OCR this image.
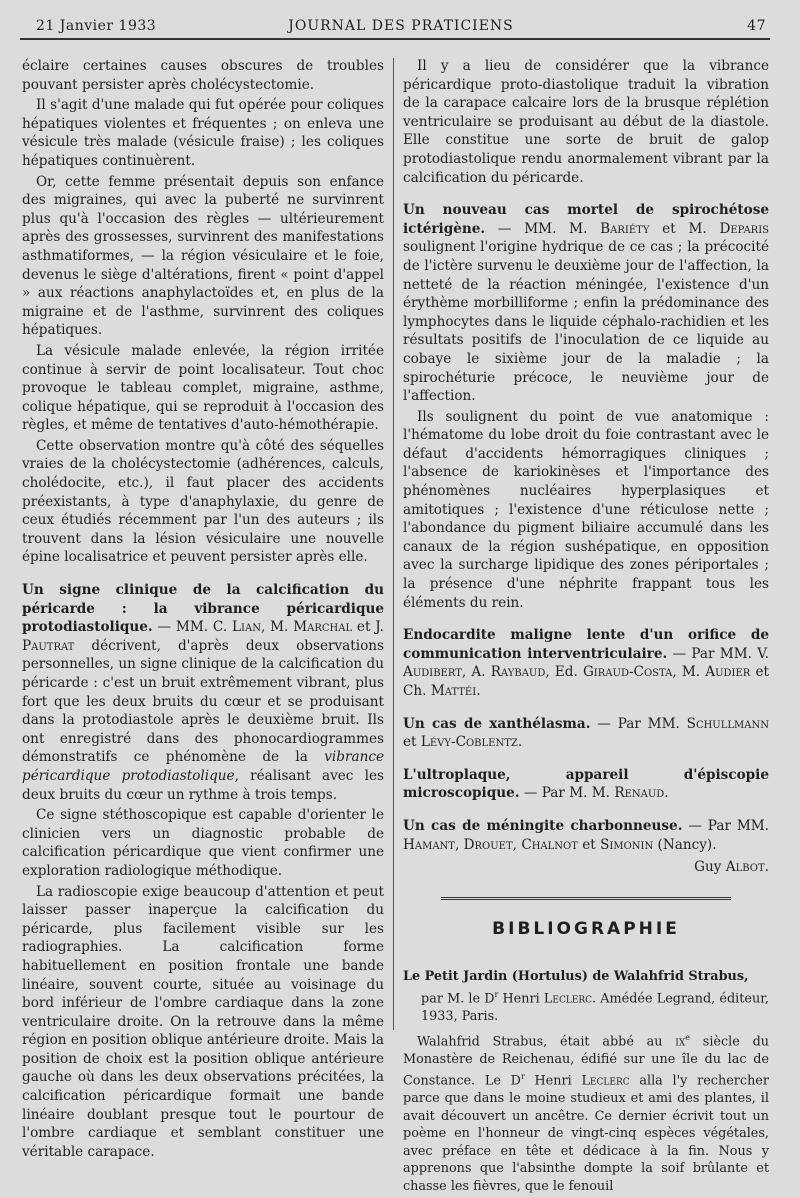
21 Janvier 1933	JOURNAL DES PRATICIENS	47

éclaire certaines causes obscures de troubles pouvant persister après cholécystectomie.

Il s'agit d'une malade qui fut opérée pour coliques hépatiques violentes et fréquentes ; on enleva une vésicule très malade (vésicule fraise) ; les coliques hépatiques continuèrent.

Or, cette femme présentait depuis son enfance des migraines, qui avec la puberté ne survinrent plus qu'à l'occasion des règles — ultérieurement après des grossesses, survinrent des manifestations asthmatiformes, — la région vésiculaire et le foie, devenus le siège d'altérations, firent « point d'appel » aux réactions anaphylactoïdes et, en plus de la migraine et de l'asthme, survinrent des coliques hépatiques.

La vésicule malade enlevée, la région irritée continue à servir de point localisateur. Tout choc provoque le tableau complet, migraine, asthme, colique hépatique, qui se reproduit à l'occasion des règles, et même de tentatives d'auto-hémothérapie.

Cette observation montre qu'à côté des séquelles vraies de la cholécystectomie (adhérences, calculs, cholédocite, etc.), il faut placer des accidents préexistants, à type d'anaphylaxie, du genre de ceux étudiés récemment par l'un des auteurs ; ils trouvent dans la lésion vésiculaire une nouvelle épine localisatrice et peuvent persister après elle.

Un signe clinique de la calcification du péricarde : la vibrance péricardique protodiastolique. — MM. C. Lian, M. Marchal et J. Pautrat décrivent, d'après deux observations personnelles, un signe clinique de la calcification du péricarde : c'est un bruit extrêmement vibrant, plus fort que les deux bruits du cœur et se produisant dans la protodiastole après le deuxième bruit. Ils ont enregistré dans des phonocardiogrammes démonstratifs ce phénomène de la vibrance péricardique protodiastolique, réalisant avec les deux bruits du cœur un rythme à trois temps.

Ce signe stéthoscopique est capable d'orienter le clinicien vers un diagnostic probable de calcification péricardique que vient confirmer une exploration radiologique méthodique.

La radioscopie exige beaucoup d'attention et peut laisser passer inaperçue la calcification du péricarde, plus facilement visible sur les radiographies. La calcification forme habituellement en position frontale une bande linéaire, souvent courte, située au voisinage du bord inférieur de l'ombre cardiaque dans la zone ventriculaire droite. On la retrouve dans la même région en position oblique antérieure droite. Mais la position de choix est la position oblique antérieure gauche où dans les deux observations précitées, la calcification péricardique formait une bande linéaire doublant presque tout le pourtour de l'ombre cardiaque et semblant constituer une véritable carapace.

Il y a lieu de considérer que la vibrance péricardique proto-diastolique traduit la vibration de la carapace calcaire lors de la brusque réplétion ventriculaire se produisant au début de la diastole. Elle constitue une sorte de bruit de galop protodiastolique rendu anormalement vibrant par la calcification du péricarde.

Un nouveau cas mortel de spirochétose ictérigène. — MM. M. Bariéty et M. Deparis soulignent l'origine hydrique de ce cas ; la précocité de l'ictère survenu le deuxième jour de l'affection, la netteté de la réaction méningée, l'existence d'un érythème morbilliforme ; enfin la prédominance des lymphocytes dans le liquide céphalo-rachidien et les résultats positifs de l'inoculation de ce liquide au cobaye le sixième jour de la maladie ; la spirochéturie précoce, le neuvième jour de l'affection.

Ils soulignent du point de vue anatomique : l'hématome du lobe droit du foie contrastant avec le défaut d'accidents hémorragiques cliniques ; l'absence de kariokinèses et l'importance des phénomènes nucléaires hyperplasiques et amitotiques ; l'existence d'une réticulose nette ; l'abondance du pigment biliaire accumulé dans les canaux de la région sushépatique, en opposition avec la surcharge lipidique des zones périportales ; la présence d'une néphrite frappant tous les éléments du rein.

Endocardite maligne lente d'un orifice de communication interventriculaire. — Par MM. V. Audibert, A. Raybaud, Ed. Giraud-Costa, M. Audier et Ch. Mattéi.

Un cas de xanthélasma. — Par MM. Schullmann et Lévy-Coblentz.

L'ultroplaque, appareil d'épiscopie microscopique. — Par M. M. Renaud.

Un cas de méningite charbonneuse. — Par MM. Hamant, Drouet, Chalnot et Simonin (Nancy).

Guy Albot.
BIBLIOGRAPHIE
Le Petit Jardin (Hortulus) de Walahfrid Strabus,
par M. le $D^r$ Henri Leclerc. Amédée Legrand, éditeur, 1933, Paris.

Walahfrid Strabus, était abbé au $ix^e$ siècle du Monastère de Reichenau, édifié sur une île du lac de Constance. Le $D^r$ Henri Leclerc alla l'y rechercher parce que dans le moine studieux et ami des plantes, il avait découvert un ancêtre. Ce dernier écrivit tout un poème en l'honneur de vingt-cinq espèces végétales, avec préface en tête et dédicace à la fin. Nous y apprenons que l'absinthe dompte la soif brûlante et chasse les fièvres, que le fenouil
